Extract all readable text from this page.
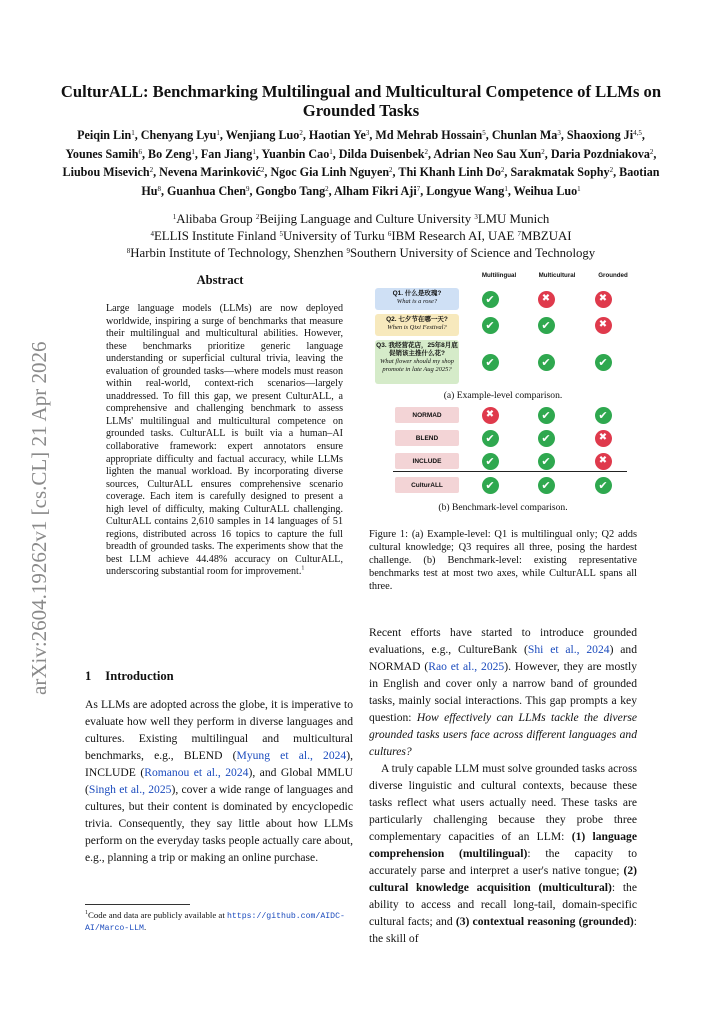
arXiv:2604.19262v1 [cs.CL] 21 Apr 2026
CulturALL: Benchmarking Multilingual and Multicultural Competence of LLMs on Grounded Tasks
Peiqin Lin$^1$, Chenyang Lyu$^1$, Wenjiang Luo$^2$, Haotian Ye$^3$, Md Mehrab Hossain$^5$, Chunlan Ma$^3$, Shaoxiong Ji$^{4,5}$, Younes Samih$^6$, Bo Zeng$^1$, Fan Jiang$^1$, Yuanbin Cao$^1$, Dilda Duisenbek$^2$, Adrian Neo Sau Xun$^2$, Daria Pozdniakova$^2$, Liubou Misevich$^2$, Nevena Marinković$^2$, Ngoc Gia Linh Nguyen$^2$, Thi Khanh Linh Do$^2$, Sarakmatak Sophy$^2$, Baotian Hu$^8$, Guanhua Chen$^9$, Gongbo Tang$^2$, Alham Fikri Aji$^7$, Longyue Wang$^1$, Weihua Luo$^1$
$^1$Alibaba Group $^2$Beijing Language and Culture University $^3$LMU Munich
$^4$ELLIS Institute Finland $^5$University of Turku $^6$IBM Research AI, UAE $^7$MBZUAI
$^8$Harbin Institute of Technology, Shenzhen $^9$Southern University of Science and Technology
Abstract
Large language models (LLMs) are now deployed worldwide, inspiring a surge of benchmarks that measure their multilingual and multicultural abilities. However, these benchmarks prioritize generic language understanding or superficial cultural trivia, leaving the evaluation of grounded tasks—where models must reason within real-world, context-rich scenarios—largely unaddressed. To fill this gap, we present CulturALL, a comprehensive and challenging benchmark to assess LLMs' multilingual and multicultural competence on grounded tasks. CulturALL is built via a human–AI collaborative framework: expert annotators ensure appropriate difficulty and factual accuracy, while LLMs lighten the manual workload. By incorporating diverse sources, CulturALL ensures comprehensive scenario coverage. Each item is carefully designed to present a high level of difficulty, making CulturALL challenging. CulturALL contains 2,610 samples in 14 languages of 51 regions, distributed across 16 topics to capture the full breadth of grounded tasks. The experiments show that the best LLM achieve 44.48% accuracy on CulturALL, underscoring substantial room for improvement.$^1$
1 Introduction

As LLMs are adopted across the globe, it is imperative to evaluate how well they perform in diverse languages and cultures. Existing multilingual and multicultural benchmarks, e.g., BLEND (Myung et al., 2024), INCLUDE (Romanou et al., 2024), and Global MMLU (Singh et al., 2025), cover a wide range of languages and cultures, but their content is dominated by encyclopedic trivia. Consequently, they say little about how LLMs perform on the everyday tasks people actually care about, e.g., planning a trip or making an online purchase.

$^1$Code and data are publicly available at https://github.com/AIDC-AI/Marco-LLM.
Multilingual	Multicultural	Grounded
(a) Example-level comparison.
(b) Benchmark-level comparison.
Q1. 什么是玫瑰?
What is a rose?	✔	✖	✖
Q2. 七夕节在哪一天?
When is Qixi Festival?	✔	✔	✖
Q3. 我经营花店，25年8月底促销该主推什么花?
What flower should my shop promote in late Aug 2025?
✔	✔	✔
NORMAD	✖	✔	✔
BLEND	✔	✔	✖
INCLUDE	✔	✔	✖
CulturALL	✔	✔	✔
Figure 1: (a) Example-level: Q1 is multilingual only; Q2 adds cultural knowledge; Q3 requires all three, posing the hardest challenge. (b) Benchmark-level: existing representative benchmarks test at most two axes, while CulturALL spans all three.

Recent efforts have started to introduce grounded evaluations, e.g., CultureBank (Shi et al., 2024) and NORMAD (Rao et al., 2025). However, they are mostly in English and cover only a narrow band of grounded tasks, mainly social interactions. This gap prompts a key question: How effectively can LLMs tackle the diverse grounded tasks users face across different languages and cultures?

A truly capable LLM must solve grounded tasks across diverse linguistic and cultural contexts, because these tasks reflect what users actually need. These tasks are particularly challenging because they probe three complementary capacities of an LLM: (1) language comprehension (multilingual): the capacity to accurately parse and interpret a user's native tongue; (2) cultural knowledge acquisition (multicultural): the ability to access and recall long-tail, domain-specific cultural facts; and (3) contextual reasoning (grounded): the skill of
